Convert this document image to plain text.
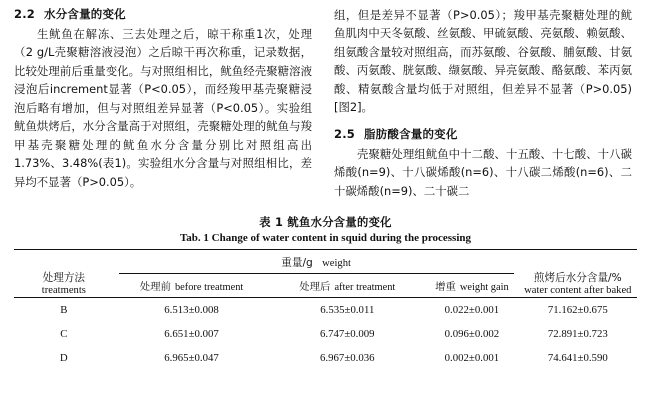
2.2 水分含量的变化

生鱿鱼在解冻、三去处理之后，晾干称重1次，处理（2 g/L壳聚糖溶液浸泡）之后晾干再次称重，记录数据，比较处理前后重量变化。与对照组相比，鱿鱼经壳聚糖溶液浸泡后increment显著（P<0.05），而经羧甲基壳聚糖浸泡后略有增加，但与对照组差异显著（P<0.05）。实验组鱿鱼烘烤后，水分含量高于对照组，壳聚糖处理的鱿鱼与羧甲基壳聚糖处理的鱿鱼水分含量分别比对照组高出1.73%、3.48%(表1)。实验组水分含量与对照组相比，差异均不显著（P>0.05）。

组，但是差异不显著（P>0.05）；羧甲基壳聚糖处理的鱿鱼肌肉中天冬氨酸、丝氨酸、甲硫氨酸、亮氨酸、赖氨酸、组氨酸含量较对照组高，而苏氨酸、谷氨酸、脯氨酸、甘氨酸、丙氨酸、胱氨酸、缬氨酸、异亮氨酸、酪氨酸、苯丙氨酸、精氨酸含量均低于对照组，但差异不显著（P>0.05)[图2]。

2.5 脂肪酸含量的变化

壳聚糖处理组鱿鱼中十二酸、十五酸、十七酸、十八碳烯酸(n=9)、十八碳烯酸(n=6)、十八碳二烯酸(n=6)、二十碳烯酸(n=9)、二十碳二

表 1 鱿鱼水分含量的变化
Tab. 1 Change of water content in squid during the processing
处理方法
treatments	重量/g weight			煎烤后水分含量/%
water content after baked

	处理前 before treatment	处理后 after treatment	增重 weight gain	

B	6.513±0.008	6.535±0.011	0.022±0.001	71.162±0.675
C	6.651±0.007	6.747±0.009	0.096±0.002	72.891±0.723
D	6.965±0.047	6.967±0.036	0.002±0.001	74.641±0.590
